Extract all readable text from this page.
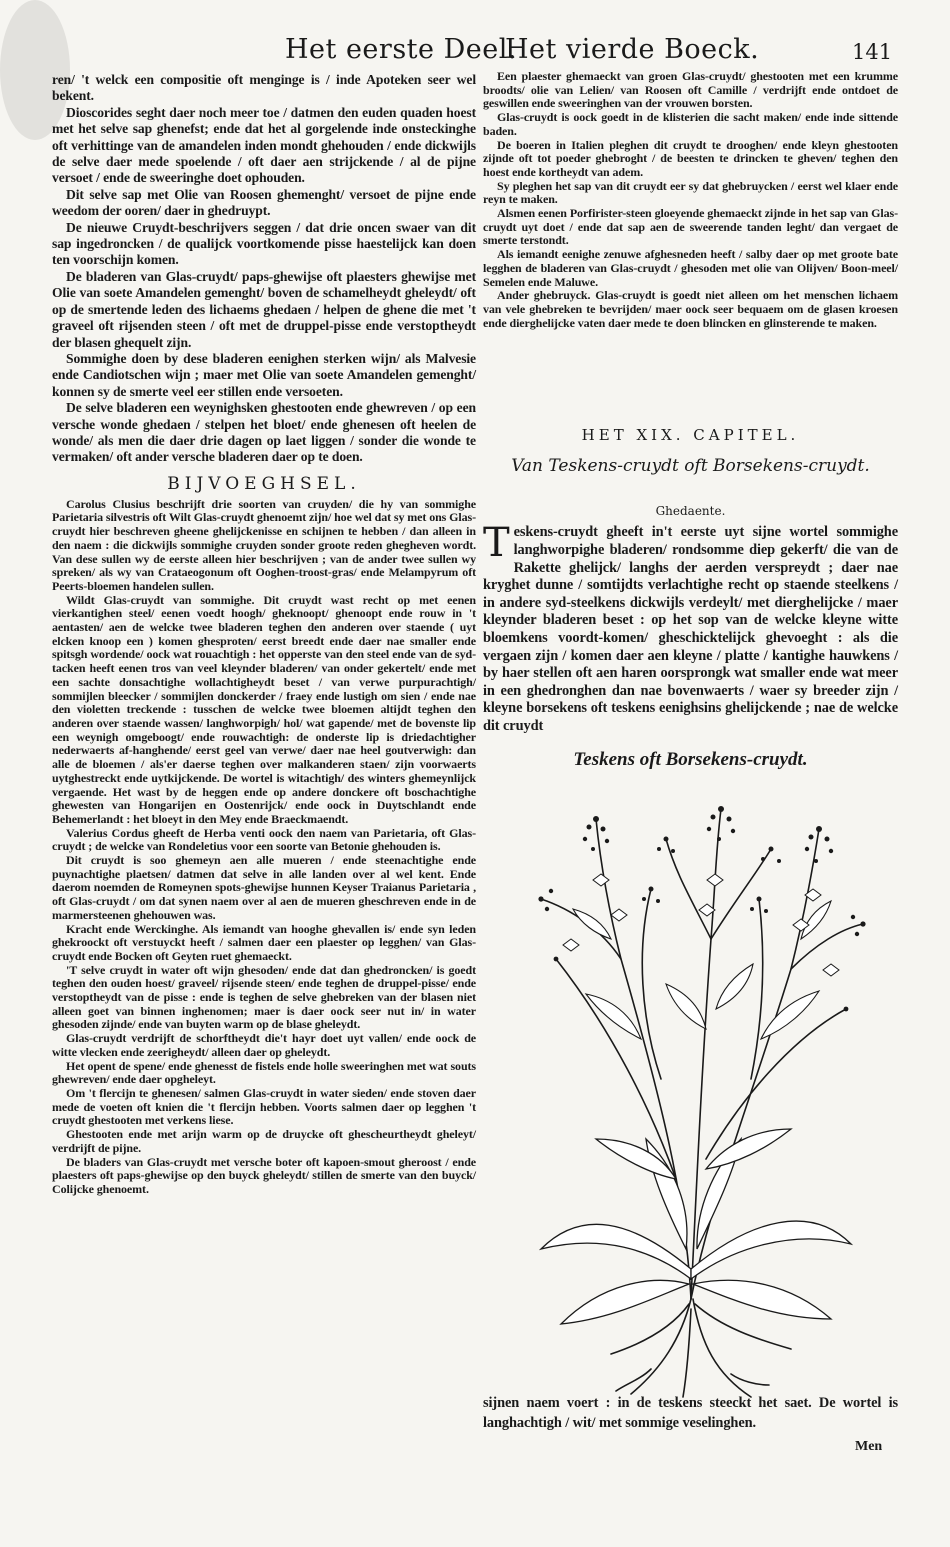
Het eerste Deel.
Het vierde Boeck.	141

ren/ 't welck een compositie oft menginge is / inde Apoteken seer wel bekent.

Dioscorides seght daer noch meer toe / datmen den euden quaden hoest met het selve sap ghenefst; ende dat het al gorgelende inde onsteckinghe oft verhittinge van de amandelen inden mondt ghehouden / ende dickwijls de selve daer mede spoelende / oft daer aen strijckende / al de pijne versoet / ende de sweeringhe doet ophouden.

Dit selve sap met Olie van Roosen ghemenght/ versoet de pijne ende weedom der ooren/ daer in ghedruypt.

De nieuwe Cruydt-beschrijvers seggen / dat drie oncen swaer van dit sap ingedroncken / de qualijck voortkomende pisse haestelijck kan doen ten voorschijn komen.

De bladeren van Glas-cruydt/ paps-ghewijse oft plaesters ghewijse met Olie van soete Amandelen gemenght/ boven de schamelheydt gheleydt/ oft op de smertende leden des lichaems ghedaen / helpen de ghene die met 't graveel oft rijsenden steen / oft met de druppel-pisse ende verstoptheydt der blasen ghequelt zijn.

Sommighe doen by dese bladeren eenighen sterken wijn/ als Malvesie ende Candiotschen wijn ; maer met Olie van soete Amandelen gemenght/ konnen sy de smerte veel eer stillen ende versoeten.

De selve bladeren een weynighsken ghestooten ende ghewreven / op een versche wonde ghedaen / stelpen het bloet/ ende ghenesen oft heelen de wonde/ als men die daer drie dagen op laet liggen / sonder die wonde te vermaken/ oft ander versche bladeren daer op te doen.

BIJVOEGHSEL.

Carolus Clusius beschrijft drie soorten van cruyden/ die hy van sommighe Parietaria silvestris oft Wilt Glas-cruydt ghenoemt zijn/ hoe wel dat sy met ons Glas-cruydt hier beschreven gheene ghelijckenisse en schijnen te hebben / dan alleen in den naem : die dickwijls sommighe cruyden sonder groote reden ghegheven wordt. Van dese sullen wy de eerste alleen hier beschrijven ; van de ander twee sullen wy spreken/ als wy van Crataeogonum oft Ooghen-troost-gras/ ende Melampyrum oft Peerts-bloemen handelen sullen.

Wildt Glas-cruydt van sommighe. Dit cruydt wast recht op met eenen vierkantighen steel/ eenen voedt hoogh/ gheknoopt/ ghenoopt ende rouw in 't aentasten/ aen de welcke twee bladeren teghen den anderen over staende ( uyt elcken knoop een ) komen ghesproten/ eerst breedt ende daer nae smaller ende spitsgh wordende/ oock wat rouachtigh : het opperste van den steel ende van de syd-tacken heeft eenen tros van veel kleynder bladeren/ van onder gekertelt/ ende met een sachte donsachtighe wollachtigheydt beset / van verwe purpurachtigh/ sommijlen bleecker / sommijlen donckerder / fraey ende lustigh om sien / ende nae den violetten treckende : tusschen de welcke twee bloemen altijdt teghen den anderen over staende wassen/ langhworpigh/ hol/ wat gapende/ met de bovenste lip een weynigh omgeboogt/ ende rouwachtigh: de onderste lip is driedachtigher nederwaerts af-hanghende/ eerst geel van verwe/ daer nae heel goutverwigh: dan alle de bloemen / als'er daerse teghen over malkanderen staen/ zijn voorwaerts uytghestreckt ende uytkijckende. De wortel is witachtigh/ des winters ghemeynlijck vergaende. Het wast by de heggen ende op andere donckere oft boschachtighe ghewesten van Hongarijen en Oostenrijck/ ende oock in Duytschlandt ende Behemerlandt : het bloeyt in den Mey ende Braeckmaendt.

Valerius Cordus gheeft de Herba venti oock den naem van Parietaria, oft Glas-cruydt ; de welcke van Rondeletius voor een soorte van Betonie ghehouden is.

Dit cruydt is soo ghemeyn aen alle mueren / ende steenachtighe ende puynachtighe plaetsen/ datmen dat selve in alle landen over al wel kent. Ende daerom noemden de Romeynen spots-ghewijse hunnen Keyser Traianus Parietaria , oft Glas-cruydt / om dat synen naem over al aen de mueren gheschreven ende in de marmersteenen ghehouwen was.

Kracht ende Werckinghe. Als iemandt van hooghe ghevallen is/ ende syn leden ghekroockt oft verstuyckt heeft / salmen daer een plaester op legghen/ van Glas-cruydt ende Bocken oft Geyten ruet ghemaeckt.

'T selve cruydt in water oft wijn ghesoden/ ende dat dan ghedroncken/ is goedt teghen den ouden hoest/ graveel/ rijsende steen/ ende teghen de druppel-pisse/ ende verstoptheydt van de pisse : ende is teghen de selve ghebreken van der blasen niet alleen goet van binnen inghenomen; maer is daer oock seer nut in/ in water ghesoden zijnde/ ende van buyten warm op de blase gheleydt.

Glas-cruydt verdrijft de schorftheydt die't hayr doet uyt vallen/ ende oock de witte vlecken ende zeerigheydt/ alleen daer op gheleydt.

Het opent de spene/ ende ghenesst de fistels ende holle sweeringhen met wat souts ghewreven/ ende daer opgheleyt.

Om 't flercijn te ghenesen/ salmen Glas-cruydt in water sieden/ ende stoven daer mede de voeten oft knien die 't flercijn hebben. Voorts salmen daer op legghen 't cruydt ghestooten met verkens liese.

Ghestooten ende met arijn warm op de druycke oft ghescheurtheydt gheleyt/ verdrijft de pijne.

De bladers van Glas-cruydt met versche boter oft kapoen-smout gheroost / ende plaesters oft paps-ghewijse op den buyck gheleydt/ stillen de smerte van den buyck/ Colijcke ghenoemt.

Een plaester ghemaeckt van groen Glas-cruydt/ ghestooten met een krumme broodts/ olie van Lelien/ van Roosen oft Camille / verdrijft ende ontdoet de geswillen ende sweeringhen van der vrouwen borsten.

Glas-cruydt is oock goedt in de klisterien die sacht maken/ ende inde sittende baden.

De boeren in Italien pleghen dit cruydt te drooghen/ ende kleyn ghestooten zijnde oft tot poeder ghebroght / de beesten te drincken te gheven/ teghen den hoest ende kortheydt van adem.

Sy pleghen het sap van dit cruydt eer sy dat ghebruycken / eerst wel klaer ende reyn te maken.

Alsmen eenen Porfirister-steen gloeyende ghemaeckt zijnde in het sap van Glas-cruydt uyt doet / ende dat sap aen de sweerende tanden leght/ dan vergaet de smerte terstondt.

Als iemandt eenighe zenuwe afghesneden heeft / salby daer op met groote bate legghen de bladeren van Glas-cruydt / ghesoden met olie van Olijven/ Boon-meel/ Semelen ende Maluwe.

Ander ghebruyck. Glas-cruydt is goedt niet alleen om het menschen lichaem van vele ghebreken te bevrijden/ maer oock seer bequaem om de glasen kroesen ende dierghelijcke vaten daer mede te doen blincken en glinsterende te maken.

HET XIX. CAPITEL.
Van Teskens-cruydt oft Borsekens-cruydt.
Ghedaente.

Teskens-cruydt gheeft in't eerste uyt sijne wortel sommighe langhworpighe bladeren/ rondsomme diep gekerft/ die van de Rakette ghelijck/ langhs der aerden verspreydt ; daer nae kryghet dunne / somtijdts verlachtighe recht op staende steelkens / in andere syd-steelkens dickwijls verdeylt/ met dierghelijcke / maer kleynder bladeren beset : op het sop van de welcke kleyne witte bloemkens voordt-komen/ gheschicktelijck ghevoeght : als die vergaen zijn / komen daer aen kleyne / platte / kantighe hauwkens / by haer stellen oft aen haren oorsprongk wat smaller ende wat meer in een ghedronghen dan nae bovenwaerts / waer sy breeder zijn / kleyne borsekens oft teskens eenighsins ghelijckende ; nae de welcke dit cruydt

Teskens oft Borsekens-cruydt.

sijnen naem voert : in de teskens steeckt het saet. De wortel is langhachtigh / wit/ met sommige veselinghen.

Men
